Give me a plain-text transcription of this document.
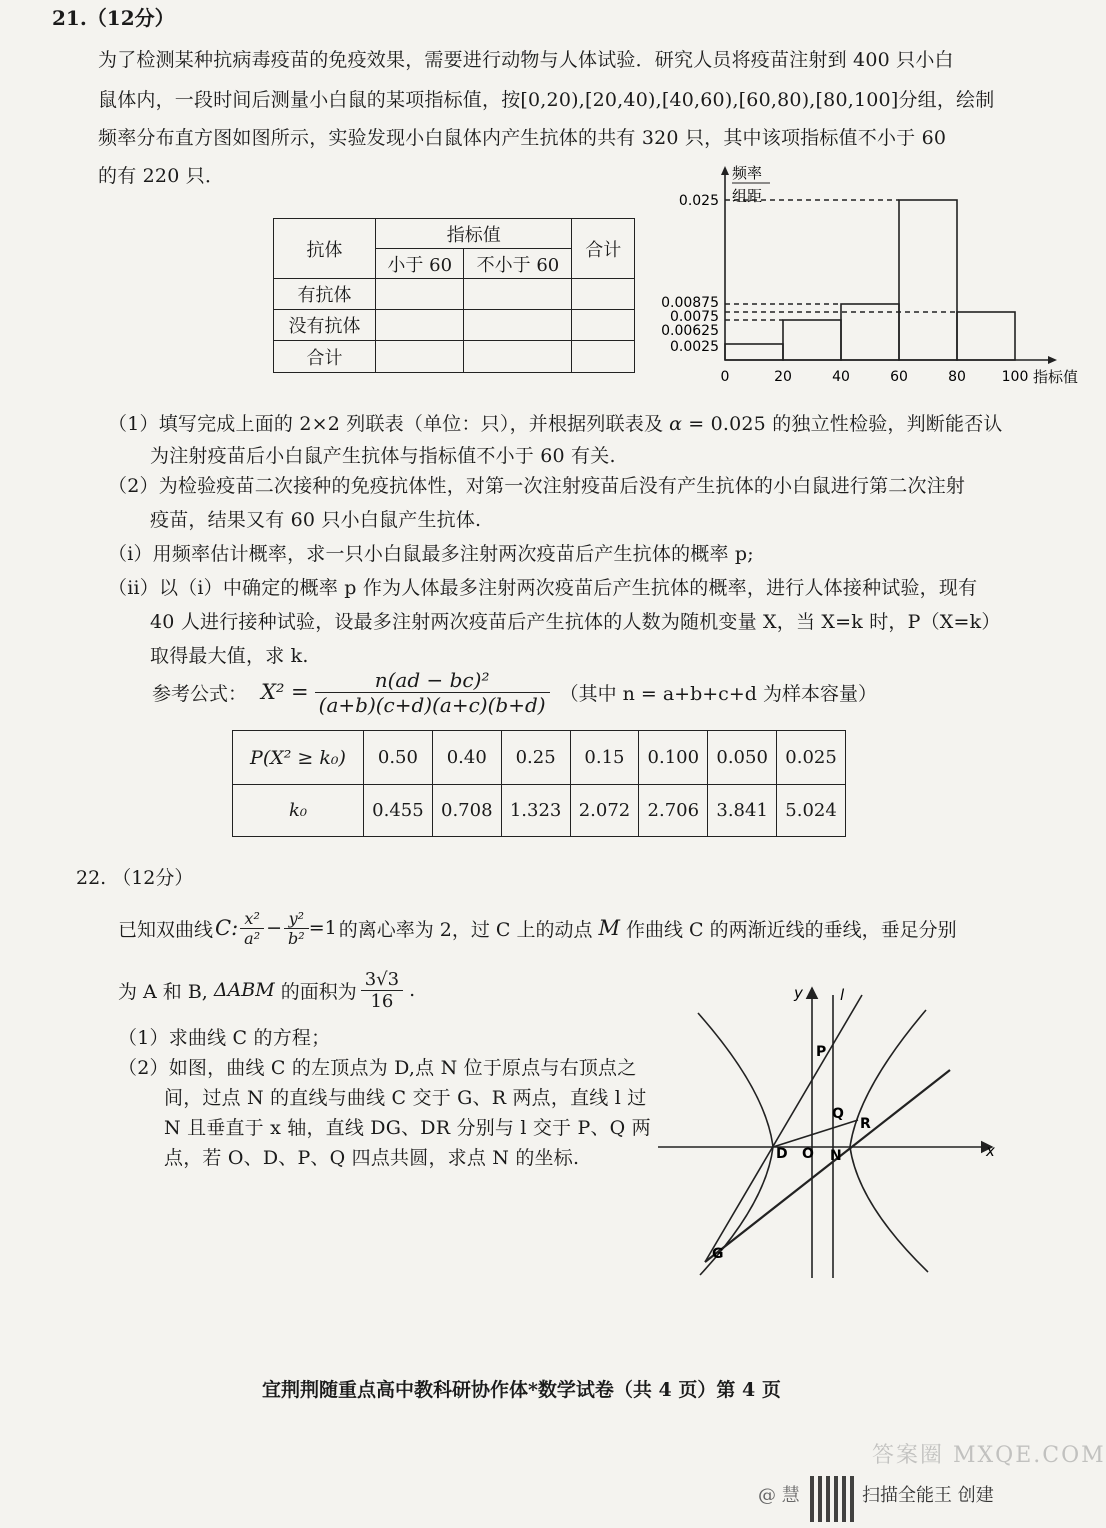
21.（12分）
为了检测某种抗病毒疫苗的免疫效果，需要进行动物与人体试验．研究人员将疫苗注射到 400 只小白
鼠体内，一段时间后测量小白鼠的某项指标值，按[0,20),[20,40),[40,60),[60,80),[80,100]分组，绘制
频率分布直方图如图所示，实验发现小白鼠体内产生抗体的共有 320 只，其中该项指标值不小于 60
的有 220 只．
抗体	指标值		合计
	小于 60	不小于 60	
有抗体			
没有抗体			
合计			
0.025
0.00875
0.0075
0.00625
0.0025
0	20	40	60	80	100
频率
组距
指标值
（1）填写完成上面的 2×2 列联表（单位：只），并根据列联表及 α = 0.025 的独立性检验，判断能否认
为注射疫苗后小白鼠产生抗体与指标值不小于 60 有关.
（2）为检验疫苗二次接种的免疫抗体性，对第一次注射疫苗后没有产生抗体的小白鼠进行第二次注射
疫苗，结果又有 60 只小白鼠产生抗体.
（i）用频率估计概率，求一只小白鼠最多注射两次疫苗后产生抗体的概率 p;
（ii）以（i）中确定的概率 p 作为人体最多注射两次疫苗后产生抗体的概率，进行人体接种试验，现有
40 人进行接种试验，设最多注射两次疫苗后产生抗体的人数为随机变量 X，当 X=k 时，P（X=k）
取得最大值，求 k.
参考公式： $X^2 = \frac{\text{n(ad − bc)²}}{(a+b)(c+d)(a+c)(b+d)}$ （其中 n = a+b+c+d 为样本容量）
P(X² ≥ k₀)	0.50	0.40	0.25	0.15	0.100	0.050	0.025
k₀	0.455	0.708	1.323	2.072	2.706	3.841	5.024
22. （12分）
已知双曲线 C: $\frac{\text{x²}}{\text{a²}} - \frac{\text{y²}}{\text{b²}} =1$ 的离心率为 2，过 C 上的动点 M 作曲线 C 的两渐近线的垂线，垂足分别
为 A 和 B, ΔABM 的面积为 $\frac{3√3}{16}$ .
（1）求曲线 C 的方程；
（2）如图，曲线 C 的左顶点为 D,点 N 位于原点与右顶点之
间，过点 N 的直线与曲线 C 交于 G、R 两点，直线 l 过
N 且垂直于 x 轴，直线 DG、DR 分别与 l 交于 P、Q 两
点，若 O、D、P、Q 四点共圆，求点 N 的坐标.
y l
P
Q
R
D O N	x
G
宜荆荆随重点高中教科研协作体*数学试卷（共 4 页）第 4 页
@ 慧	扫描全能王 创建
答案圈 MXQE.COM
